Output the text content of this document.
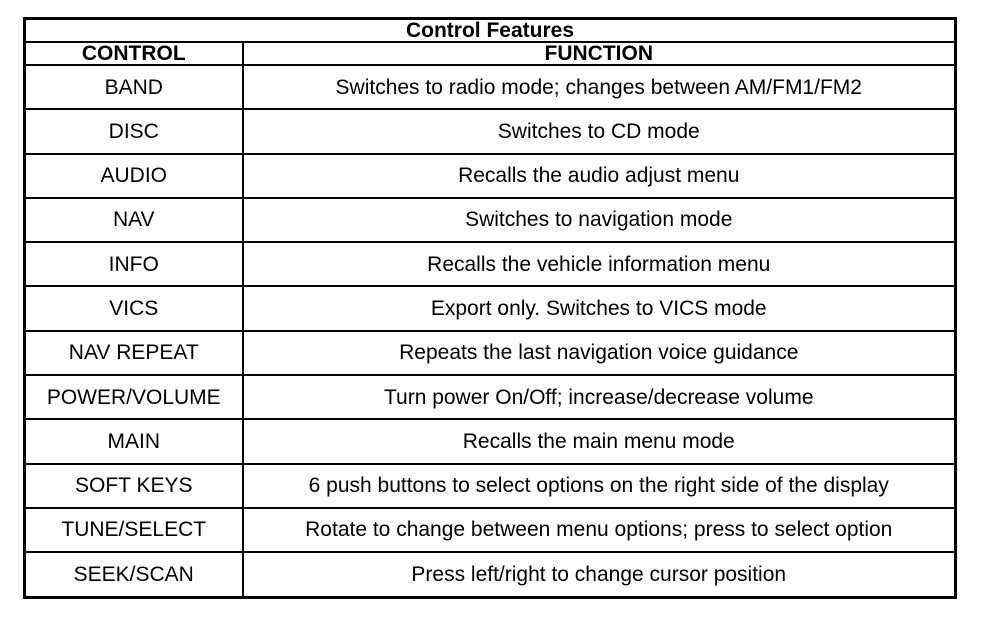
Control Features	
CONTROL	FUNCTION
BAND	Switches to radio mode; changes between AM/FM1/FM2
DISC	Switches to CD mode
AUDIO	Recalls the audio adjust menu
NAV	Switches to navigation mode
INFO	Recalls the vehicle information menu
VICS	Export only. Switches to VICS mode
NAV REPEAT	Repeats the last navigation voice guidance
POWER/VOLUME	Turn power On/Off; increase/decrease volume
MAIN	Recalls the main menu mode
SOFT KEYS	6 push buttons to select options on the right side of the display
TUNE/SELECT	Rotate to change between menu options; press to select option
SEEK/SCAN	Press left/right to change cursor position
